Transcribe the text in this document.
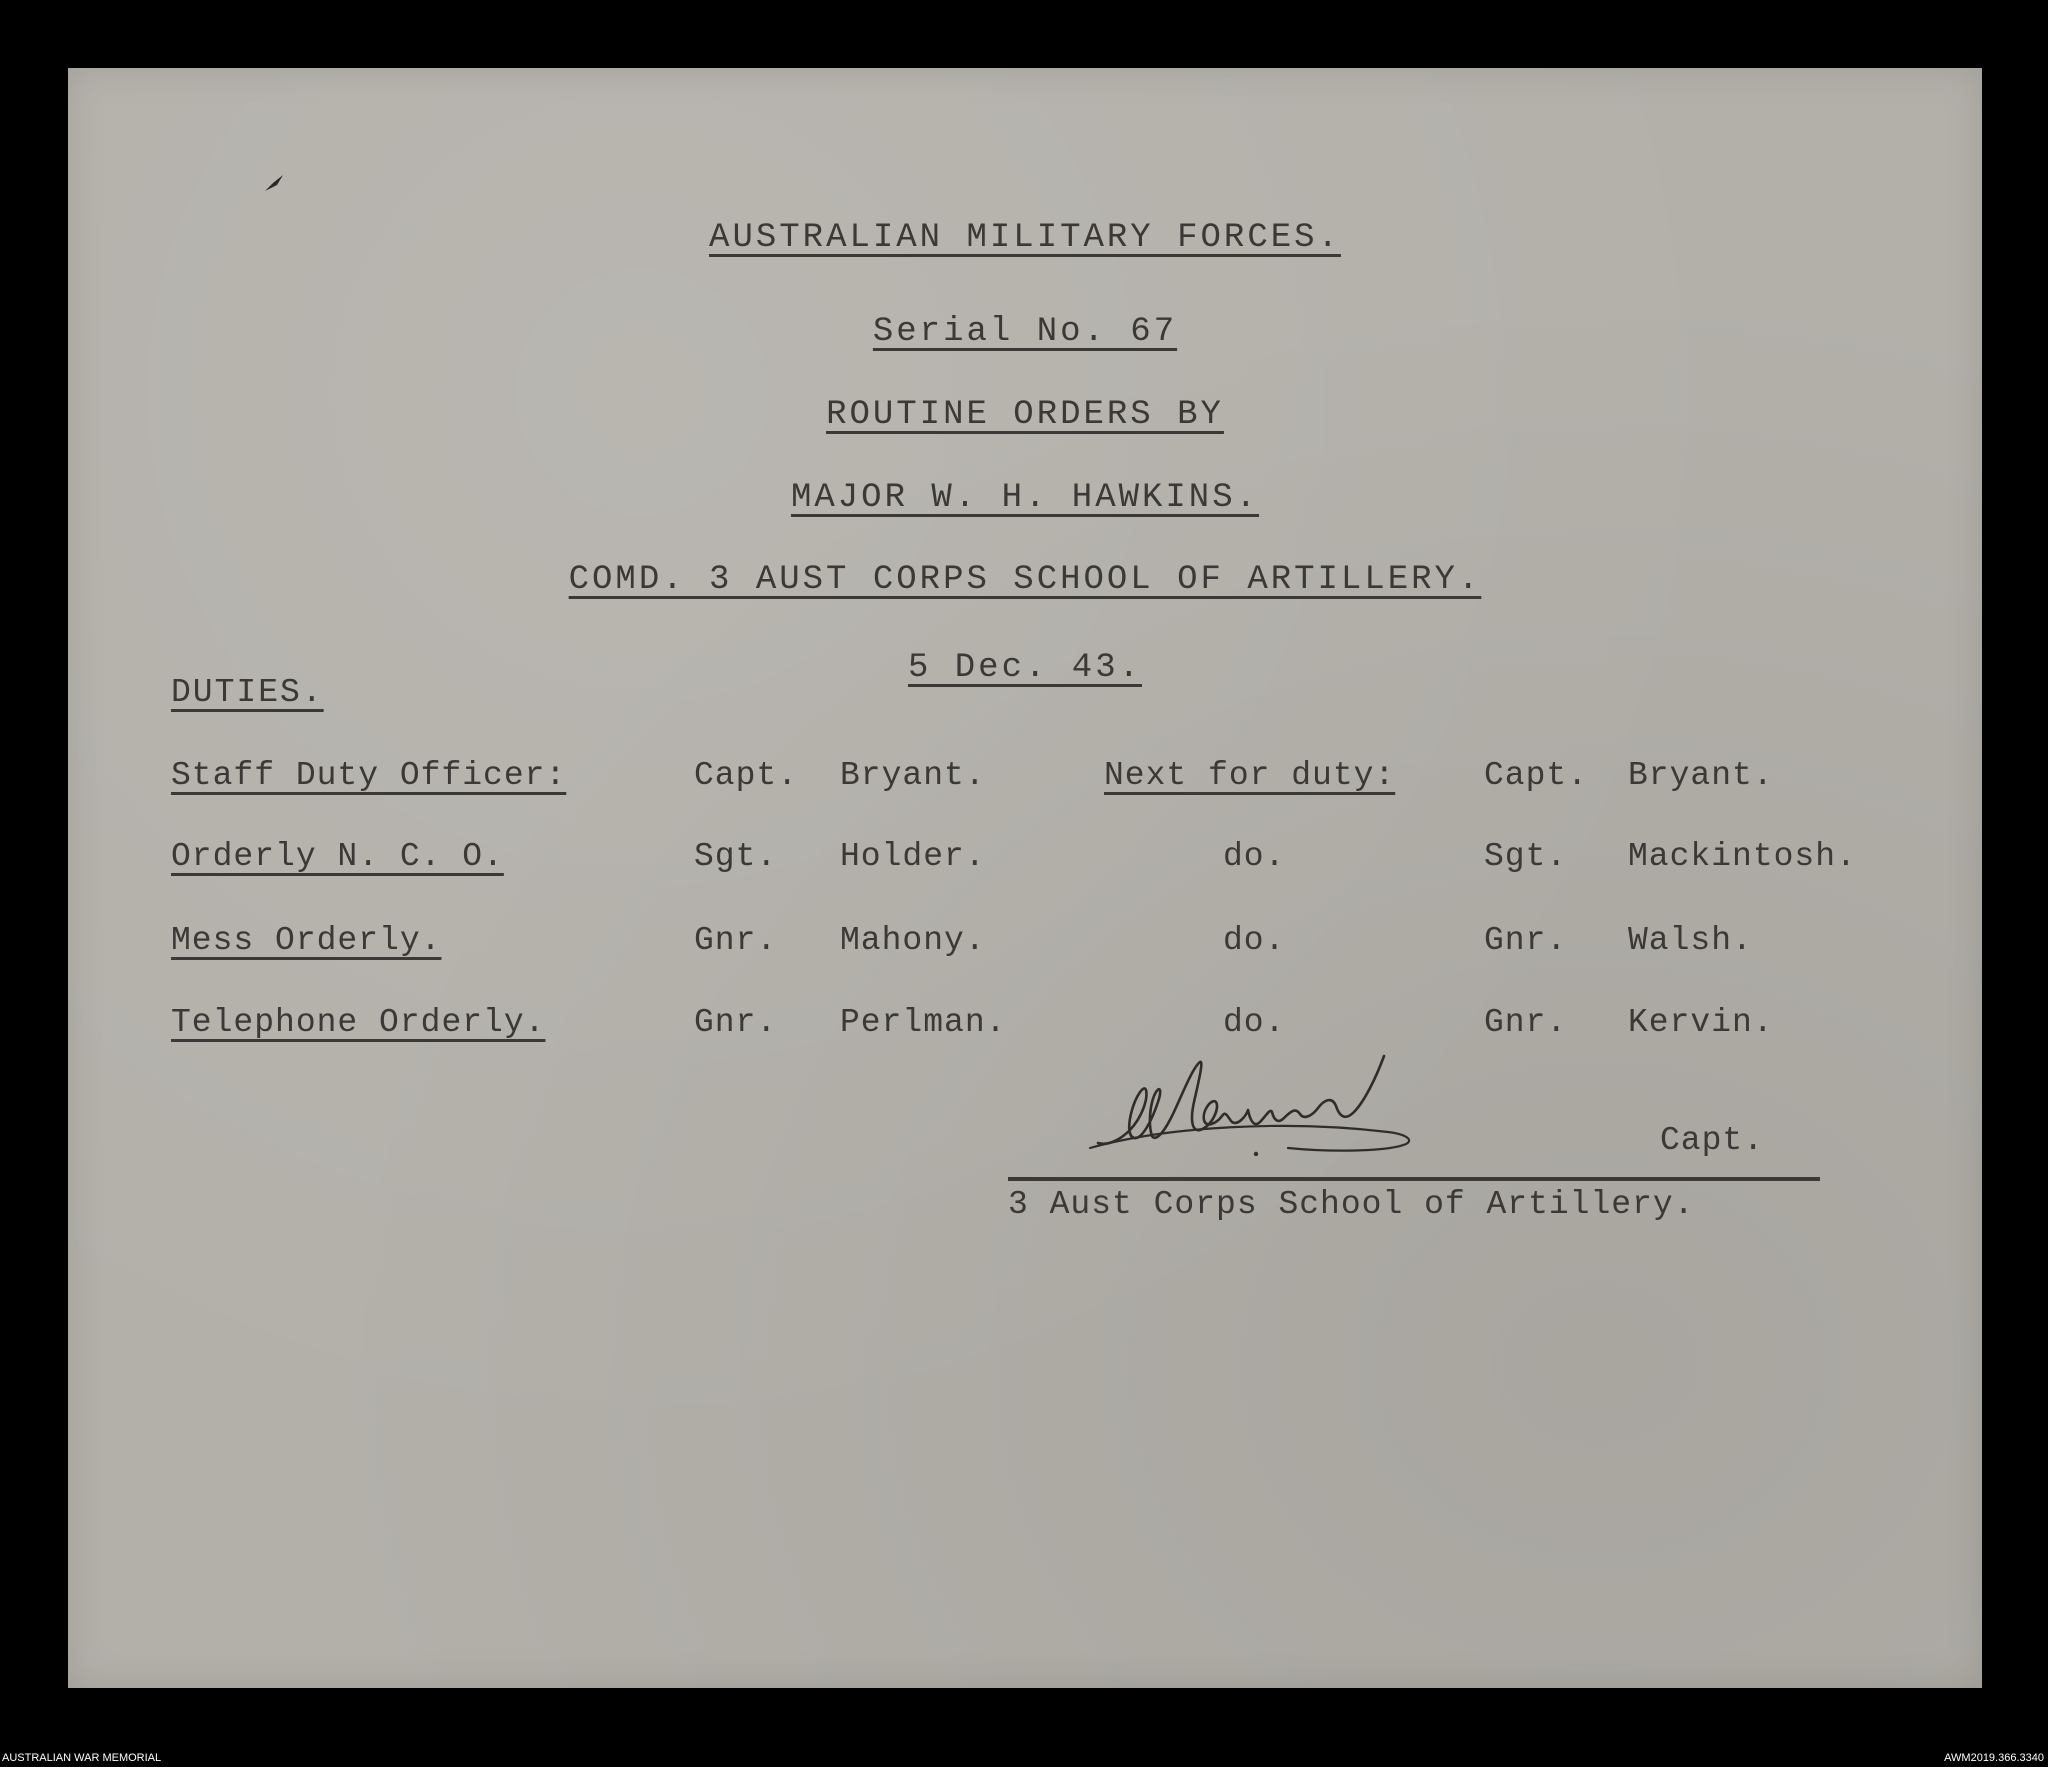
AUSTRALIAN MILITARY FORCES.
Serial No. 67
ROUTINE ORDERS BY
MAJOR W. H. HAWKINS.
COMD. 3 AUST CORPS SCHOOL OF ARTILLERY.
5 Dec. 43.
DUTIES.
Staff Duty Officer:	Capt. Bryant.	Next for duty:	Capt. Bryant.
Orderly N. C. O.	Sgt. Holder.	do.	Sgt. Mackintosh.
Mess Orderly.	Gnr. Mahony.	do.	Gnr. Walsh.
Telephone Orderly.	Gnr. Perlman.	do.	Gnr. Kervin.
Capt.
3 Aust Corps School of Artillery.
AUSTRALIAN WAR MEMORIAL	AWM2019.366.3340
